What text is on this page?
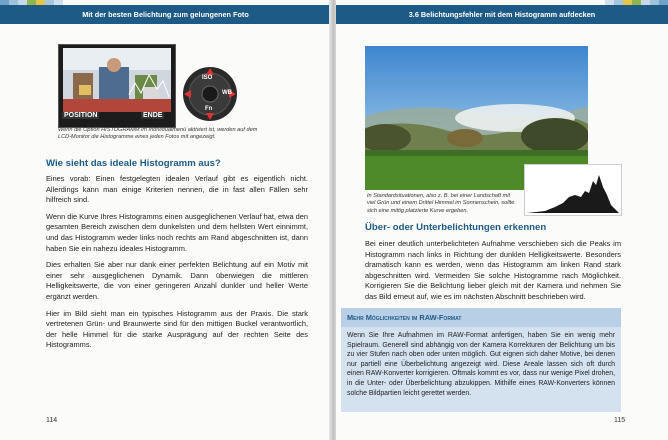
Mit der besten Belichtung zum gelungenen Foto
POSITION	ENDE
ISO
WB
Fn
Wenn die Option HISTOGRAMM im Individualmenü aktiviert ist, werden auf dem LCD-Monitor die Histogramme eines jeden Fotos mit angezeigt.
Wie sieht das ideale Histogramm aus?

Eines vorab: Einen festgelegten idealen Verlauf gibt es eigentlich nicht. Allerdings kann man einige Kriterien nennen, die in fast allen Fällen sehr hilfreich sind.

Wenn die Kurve Ihres Histogramms einen ausgeglichenen Verlauf hat, etwa den gesamten Bereich zwischen dem dunkelsten und dem hellsten Wert einnimmt, und das Histogramm weder links noch rechts am Rand abgeschnitten ist, dann haben Sie ein nahezu ideales Histogramm.

Dies erhalten Sie aber nur dank einer perfekten Belichtung auf ein Motiv mit einer sehr ausgeglichenen Dynamik. Dann überwiegen die mittleren Helligkeitswerte, die von einer geringeren Anzahl dunkler und heller Werte ergänzt werden.

Hier im Bild sieht man ein typisches Histogramm aus der Praxis. Die stark vertretenen Grün- und Braunwerte sind für den mittigen Buckel verantwortlich, der helle Himmel für die starke Ausprägung auf der rechten Seite des Histogramms.

114
3.6 Belichtungsfehler mit dem Histogramm aufdecken
In Standardsituationen, also z. B. bei einer Landschaft mit viel Grün und einem Drittel Himmel im Sonnenschein, sollte sich eine mittig platzierte Kurve ergeben.
Über- oder Unterbelichtungen erkennen

Bei einer deutlich unterbelichteten Aufnahme verschieben sich die Peaks im Histogramm nach links in Richtung der dunklen Helligkeitswerte. Besonders dramatisch kann es werden, wenn das Histogramm am linken Rand stark abgeschnitten wird. Vermeiden Sie solche Histogramme nach Möglichkeit. Korrigieren Sie die Belichtung lieber gleich mit der Kamera und nehmen Sie das Bild erneut auf, wie es im nächsten Abschnitt beschrieben wird.

Mehr Möglichkeiten im RAW-Format
Wenn Sie Ihre Aufnahmen im RAW-Format anfertigen, haben Sie ein wenig mehr Spielraum. Generell sind abhängig von der Kamera Korrekturen der Belichtung um bis zu vier Stufen nach oben oder unten möglich. Gut eignen sich daher Motive, bei denen nur partiell eine Überbelichtung angezeigt wird. Diese Areale lassen sich oft durch einen RAW-Konverter korrigieren. Oftmals kommt es vor, dass nur wenige Pixel drohen, in die Unter- oder Überbelichtung abzukippen. Mithilfe eines RAW-Konverters können solche Bildpartien leicht gerettet werden.
115
